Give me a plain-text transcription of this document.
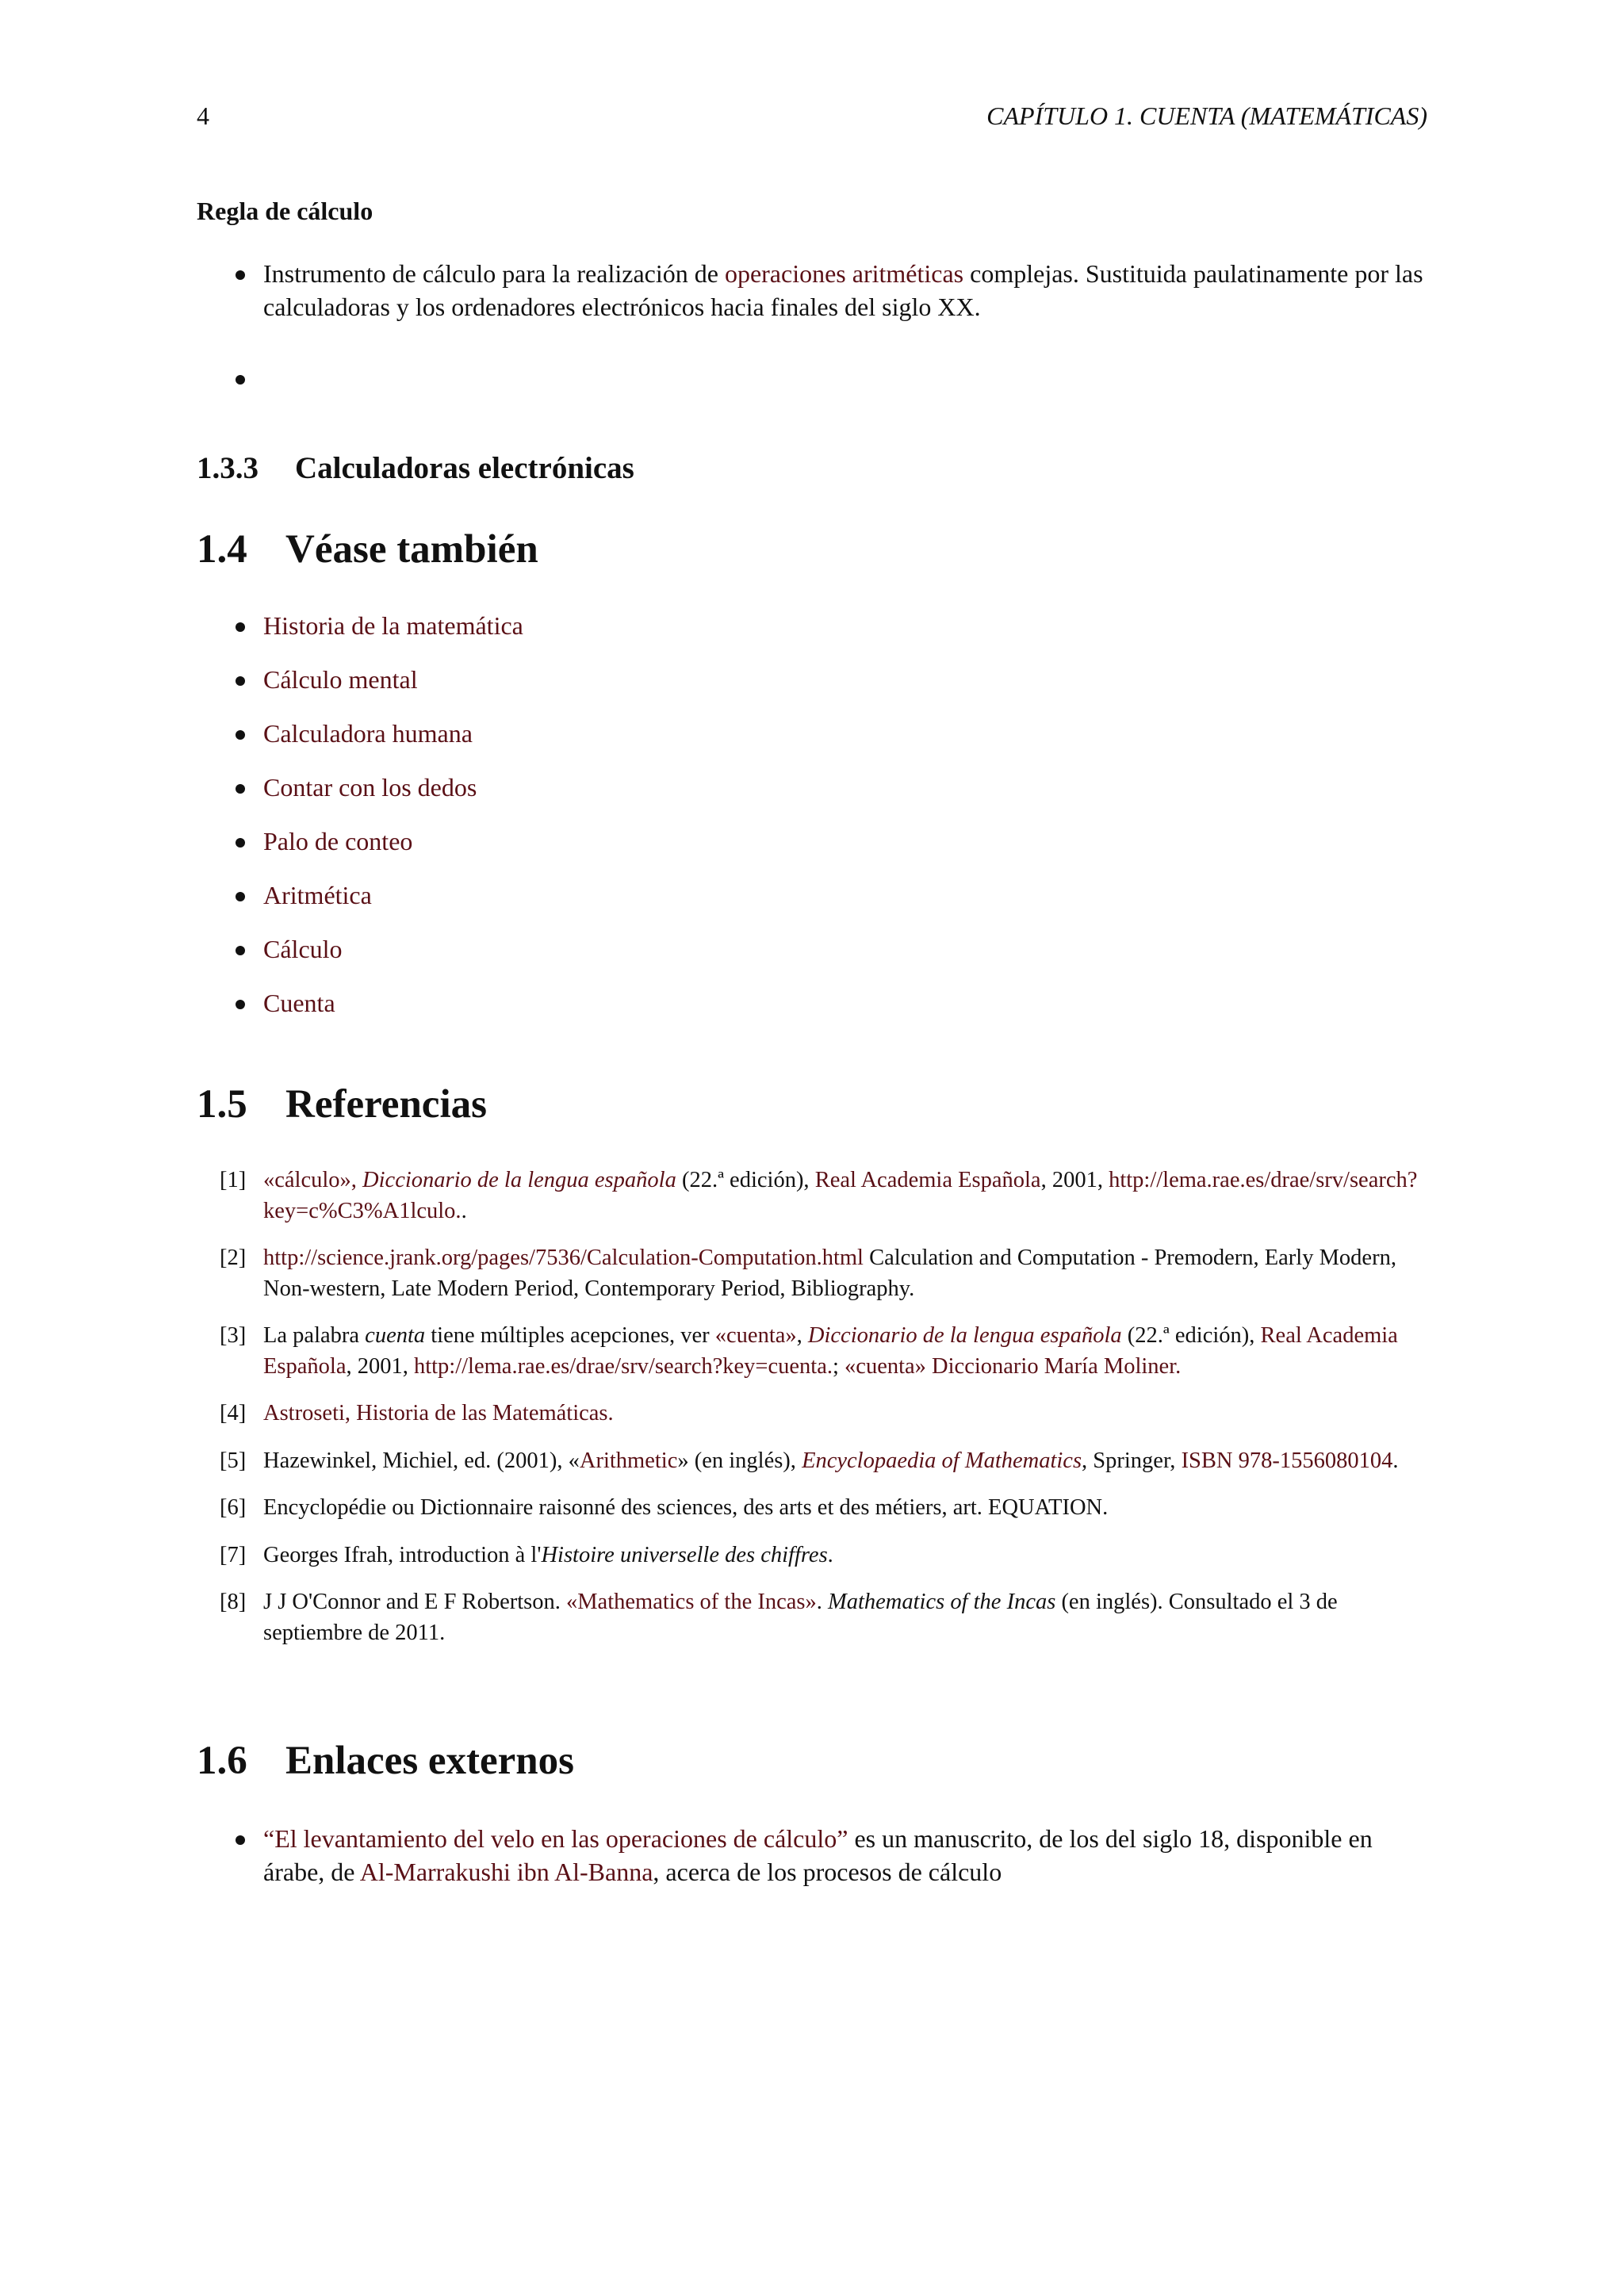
4	CAPÍTULO 1. CUENTA (MATEMÁTICAS)
Regla de cálculo
Instrumento de cálculo para la realización de operaciones aritméticas complejas. Sustituida paulatinamente por las calculadoras y los ordenadores electrónicos hacia finales del siglo XX.
1.3.3 Calculadoras electrónicas
1.4 Véase también
Historia de la matemática
Cálculo mental
Calculadora humana
Contar con los dedos
Palo de conteo
Aritmética
Cálculo
Cuenta
1.5 Referencias
[1] «cálculo», Diccionario de la lengua española (22.ª edición), Real Academia Española, 2001, http://lema.rae.es/drae/srv/search?key=c%C3%A1lculo..
[2] http://science.jrank.org/pages/7536/Calculation-Computation.html Calculation and Computation - Premodern, Early Modern, Non-western, Late Modern Period, Contemporary Period, Bibliography.
[3] La palabra cuenta tiene múltiples acepciones, ver «cuenta», Diccionario de la lengua española (22.ª edición), Real Academia Española, 2001, http://lema.rae.es/drae/srv/search?key=cuenta.; «cuenta» Diccionario María Moliner.
[4] Astroseti, Historia de las Matemáticas.
[5] Hazewinkel, Michiel, ed. (2001), «Arithmetic» (en inglés), Encyclopaedia of Mathematics, Springer, ISBN 978-1556080104.
[6] Encyclopédie ou Dictionnaire raisonné des sciences, des arts et des métiers, art. EQUATION.
[7] Georges Ifrah, introduction à l'Histoire universelle des chiffres.
[8] J J O'Connor and E F Robertson. «Mathematics of the Incas». Mathematics of the Incas (en inglés). Consultado el 3 de septiembre de 2011.
1.6 Enlaces externos
“El levantamiento del velo en las operaciones de cálculo” es un manuscrito, de los del siglo 18, disponible en árabe, de Al-Marrakushi ibn Al-Banna, acerca de los procesos de cálculo
